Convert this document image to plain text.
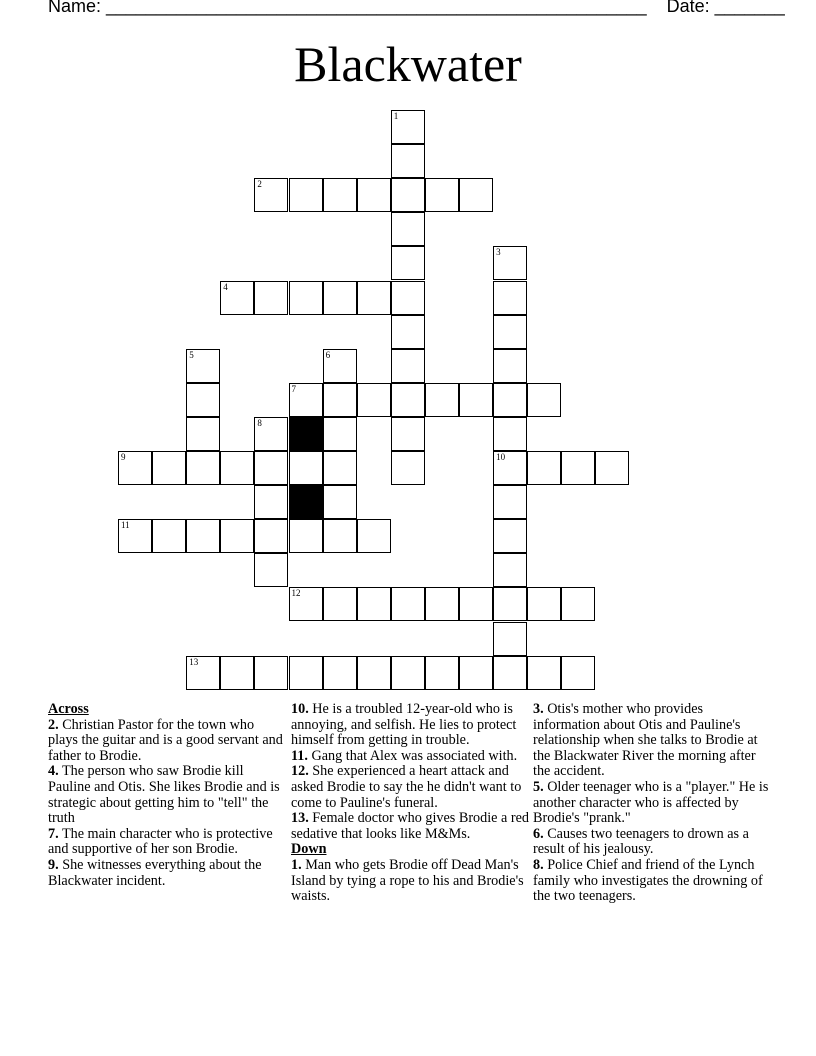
Name: ______________________________________________________    Date: _______
Blackwater
1
2
3
4
5	6
7
8
9	10
11
12
13
Across
2. Christian Pastor for the town who plays the guitar and is a good servant and father to Brodie.
4. The person who saw Brodie kill Pauline and Otis. She likes Brodie and is strategic about getting him to "tell" the truth
7. The main character who is protective and supportive of her son Brodie.
9. She witnesses everything about the Blackwater incident.
10. He is a troubled 12-year-old who is annoying, and selfish. He lies to protect himself from getting in trouble.
11. Gang that Alex was associated with.
12. She experienced a heart attack and asked Brodie to say the he didn't want to come to Pauline's funeral.
13. Female doctor who gives Brodie a red sedative that looks like M&Ms.
Down
1. Man who gets Brodie off Dead Man's Island by tying a rope to his and Brodie's waists.
3. Otis's mother who provides information about Otis and Pauline's relationship when she talks to Brodie at the Blackwater River the morning after the accident.
5. Older teenager who is a "player." He is another character who is affected by Brodie's "prank."
6. Causes two teenagers to drown as a result of his jealousy.
8. Police Chief and friend of the Lynch family who investigates the drowning of the two teenagers.
